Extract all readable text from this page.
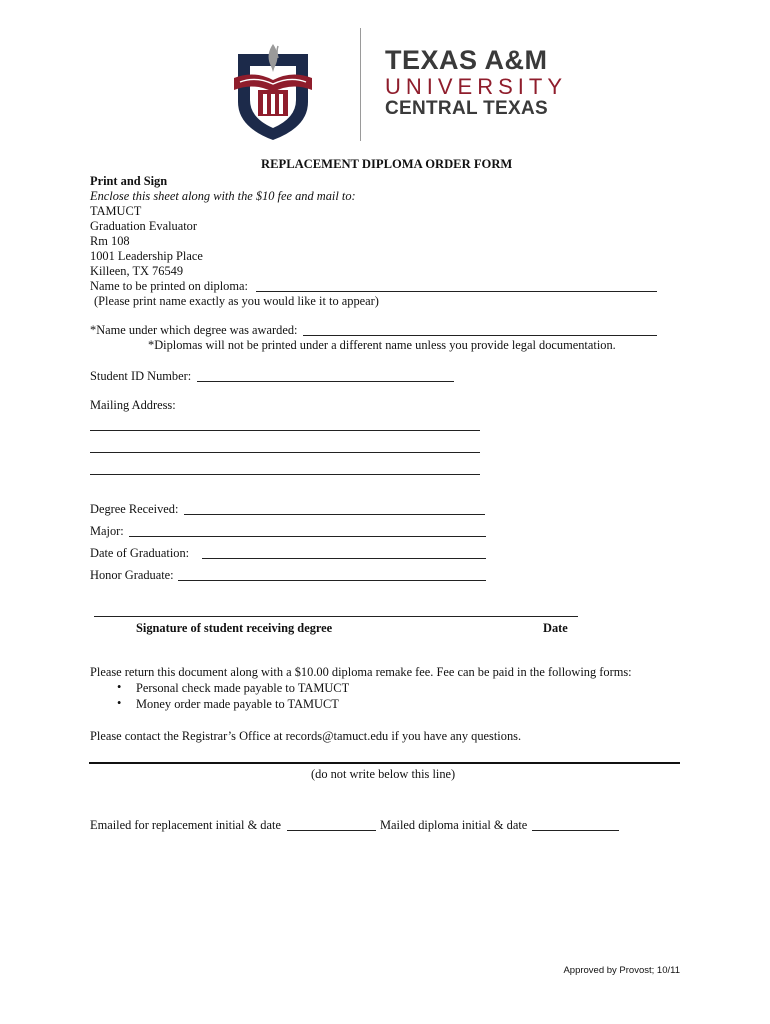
TEXAS A&M
UNIVERSITY
CENTRAL TEXAS
REPLACEMENT DIPLOMA ORDER FORM
Print and Sign
Enclose this sheet along with the $10 fee and mail to:
TAMUCT
Graduation Evaluator
Rm 108
1001 Leadership Place
Killeen, TX 76549
Name to be printed on diploma:
(Please print name exactly as you would like it to appear)
*Name under which degree was awarded:
*Diplomas will not be printed under a different name unless you provide legal documentation.
Student ID Number:
Mailing Address:
Degree Received:
Major:
Date of Graduation:
Honor Graduate:
Signature of student receiving degree	Date
Please return this document along with a $10.00 diploma remake fee. Fee can be paid in the following forms:
• Personal check made payable to TAMUCT
• Money order made payable to TAMUCT
Please contact the Registrar’s Office at records@tamuct.edu if you have any questions.
(do not write below this line)
Emailed for replacement initial & date	Mailed diploma initial & date
Approved by Provost; 10/11
